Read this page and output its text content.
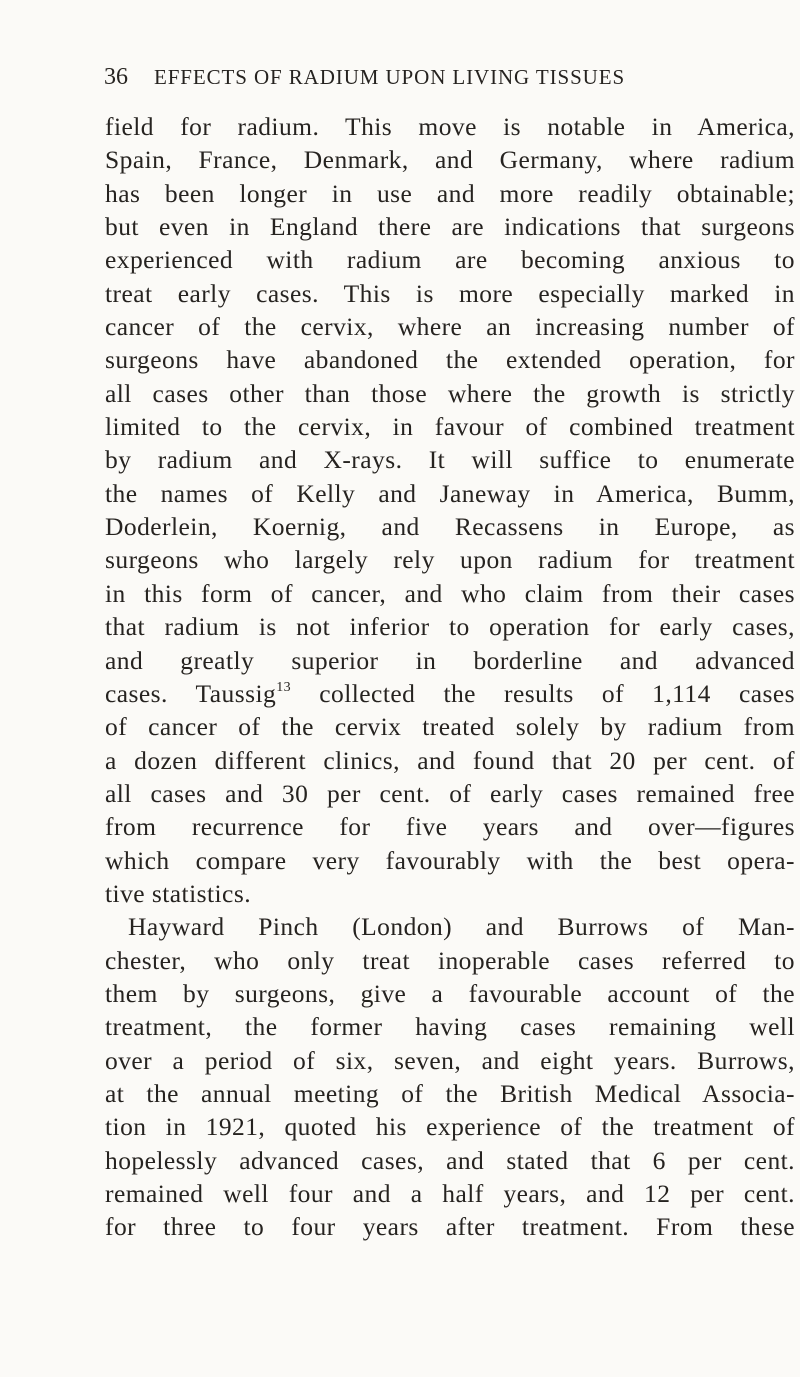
36 EFFECTS OF RADIUM UPON LIVING TISSUES
field for radium. This move is notable in America,
Spain, France, Denmark, and Germany, where radium
has been longer in use and more readily obtainable;
but even in England there are indications that surgeons
experienced with radium are becoming anxious to
treat early cases. This is more especially marked in
cancer of the cervix, where an increasing number of
surgeons have abandoned the extended operation, for
all cases other than those where the growth is strictly
limited to the cervix, in favour of combined treatment
by radium and X-rays. It will suffice to enumerate
the names of Kelly and Janeway in America, Bumm,
Doderlein, Koernig, and Recassens in Europe, as
surgeons who largely rely upon radium for treatment
in this form of cancer, and who claim from their cases
that radium is not inferior to operation for early cases,
and greatly superior in borderline and advanced
cases. Taussig$^{13}$ collected the results of 1,114 cases
of cancer of the cervix treated solely by radium from
a dozen different clinics, and found that 20 per cent. of
all cases and 30 per cent. of early cases remained free
from recurrence for five years and over—figures
which compare very favourably with the best opera-
tive statistics.
Hayward Pinch (London) and Burrows of Man-
chester, who only treat inoperable cases referred to
them by surgeons, give a favourable account of the
treatment, the former having cases remaining well
over a period of six, seven, and eight years. Burrows,
at the annual meeting of the British Medical Associa-
tion in 1921, quoted his experience of the treatment of
hopelessly advanced cases, and stated that 6 per cent.
remained well four and a half years, and 12 per cent.
for three to four years after treatment. From these
